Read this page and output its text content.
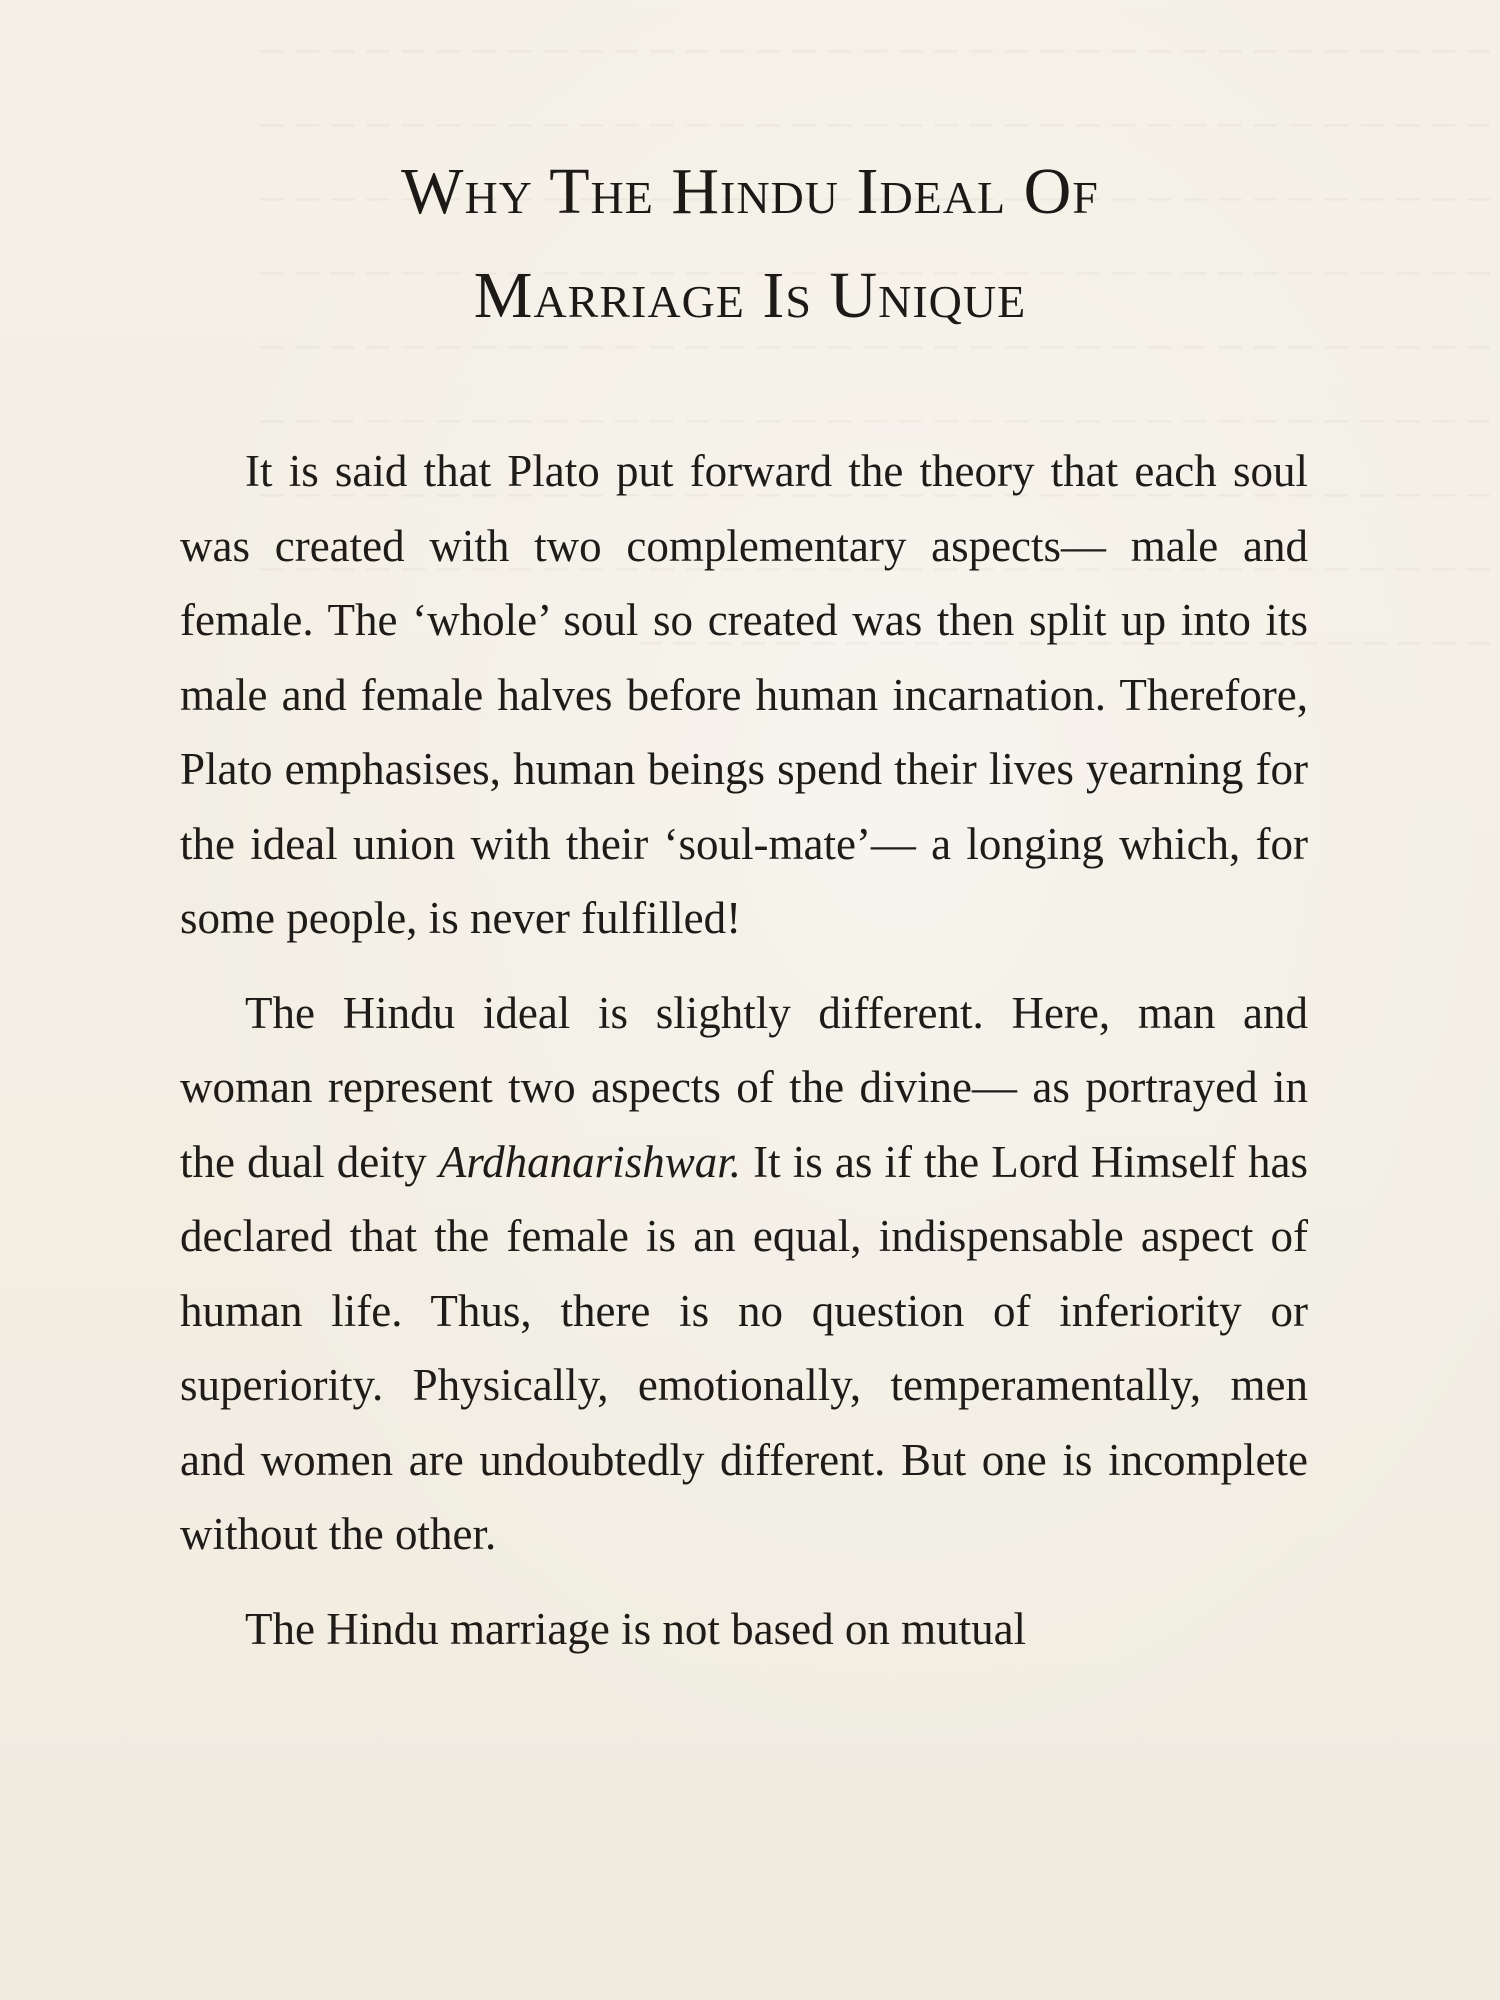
Why The Hindu Ideal Of
Marriage Is Unique

It is said that Plato put forward the theory that each soul was created with two complementary aspects— male and female. The ‘whole’ soul so created was then split up into its male and female halves before human incarnation. Therefore, Plato emphasises, human beings spend their lives yearning for the ideal union with their ‘soul-mate’— a longing which, for some people, is never fulfilled!

The Hindu ideal is slightly different. Here, man and woman represent two aspects of the divine— as portrayed in the dual deity Ardhanarishwar. It is as if the Lord Himself has declared that the female is an equal, indispensable aspect of human life. Thus, there is no question of inferiority or superiority. Physically, emotionally, temperamentally, men and women are undoubtedly different. But one is incomplete without the other.

The Hindu marriage is not based on mutual
